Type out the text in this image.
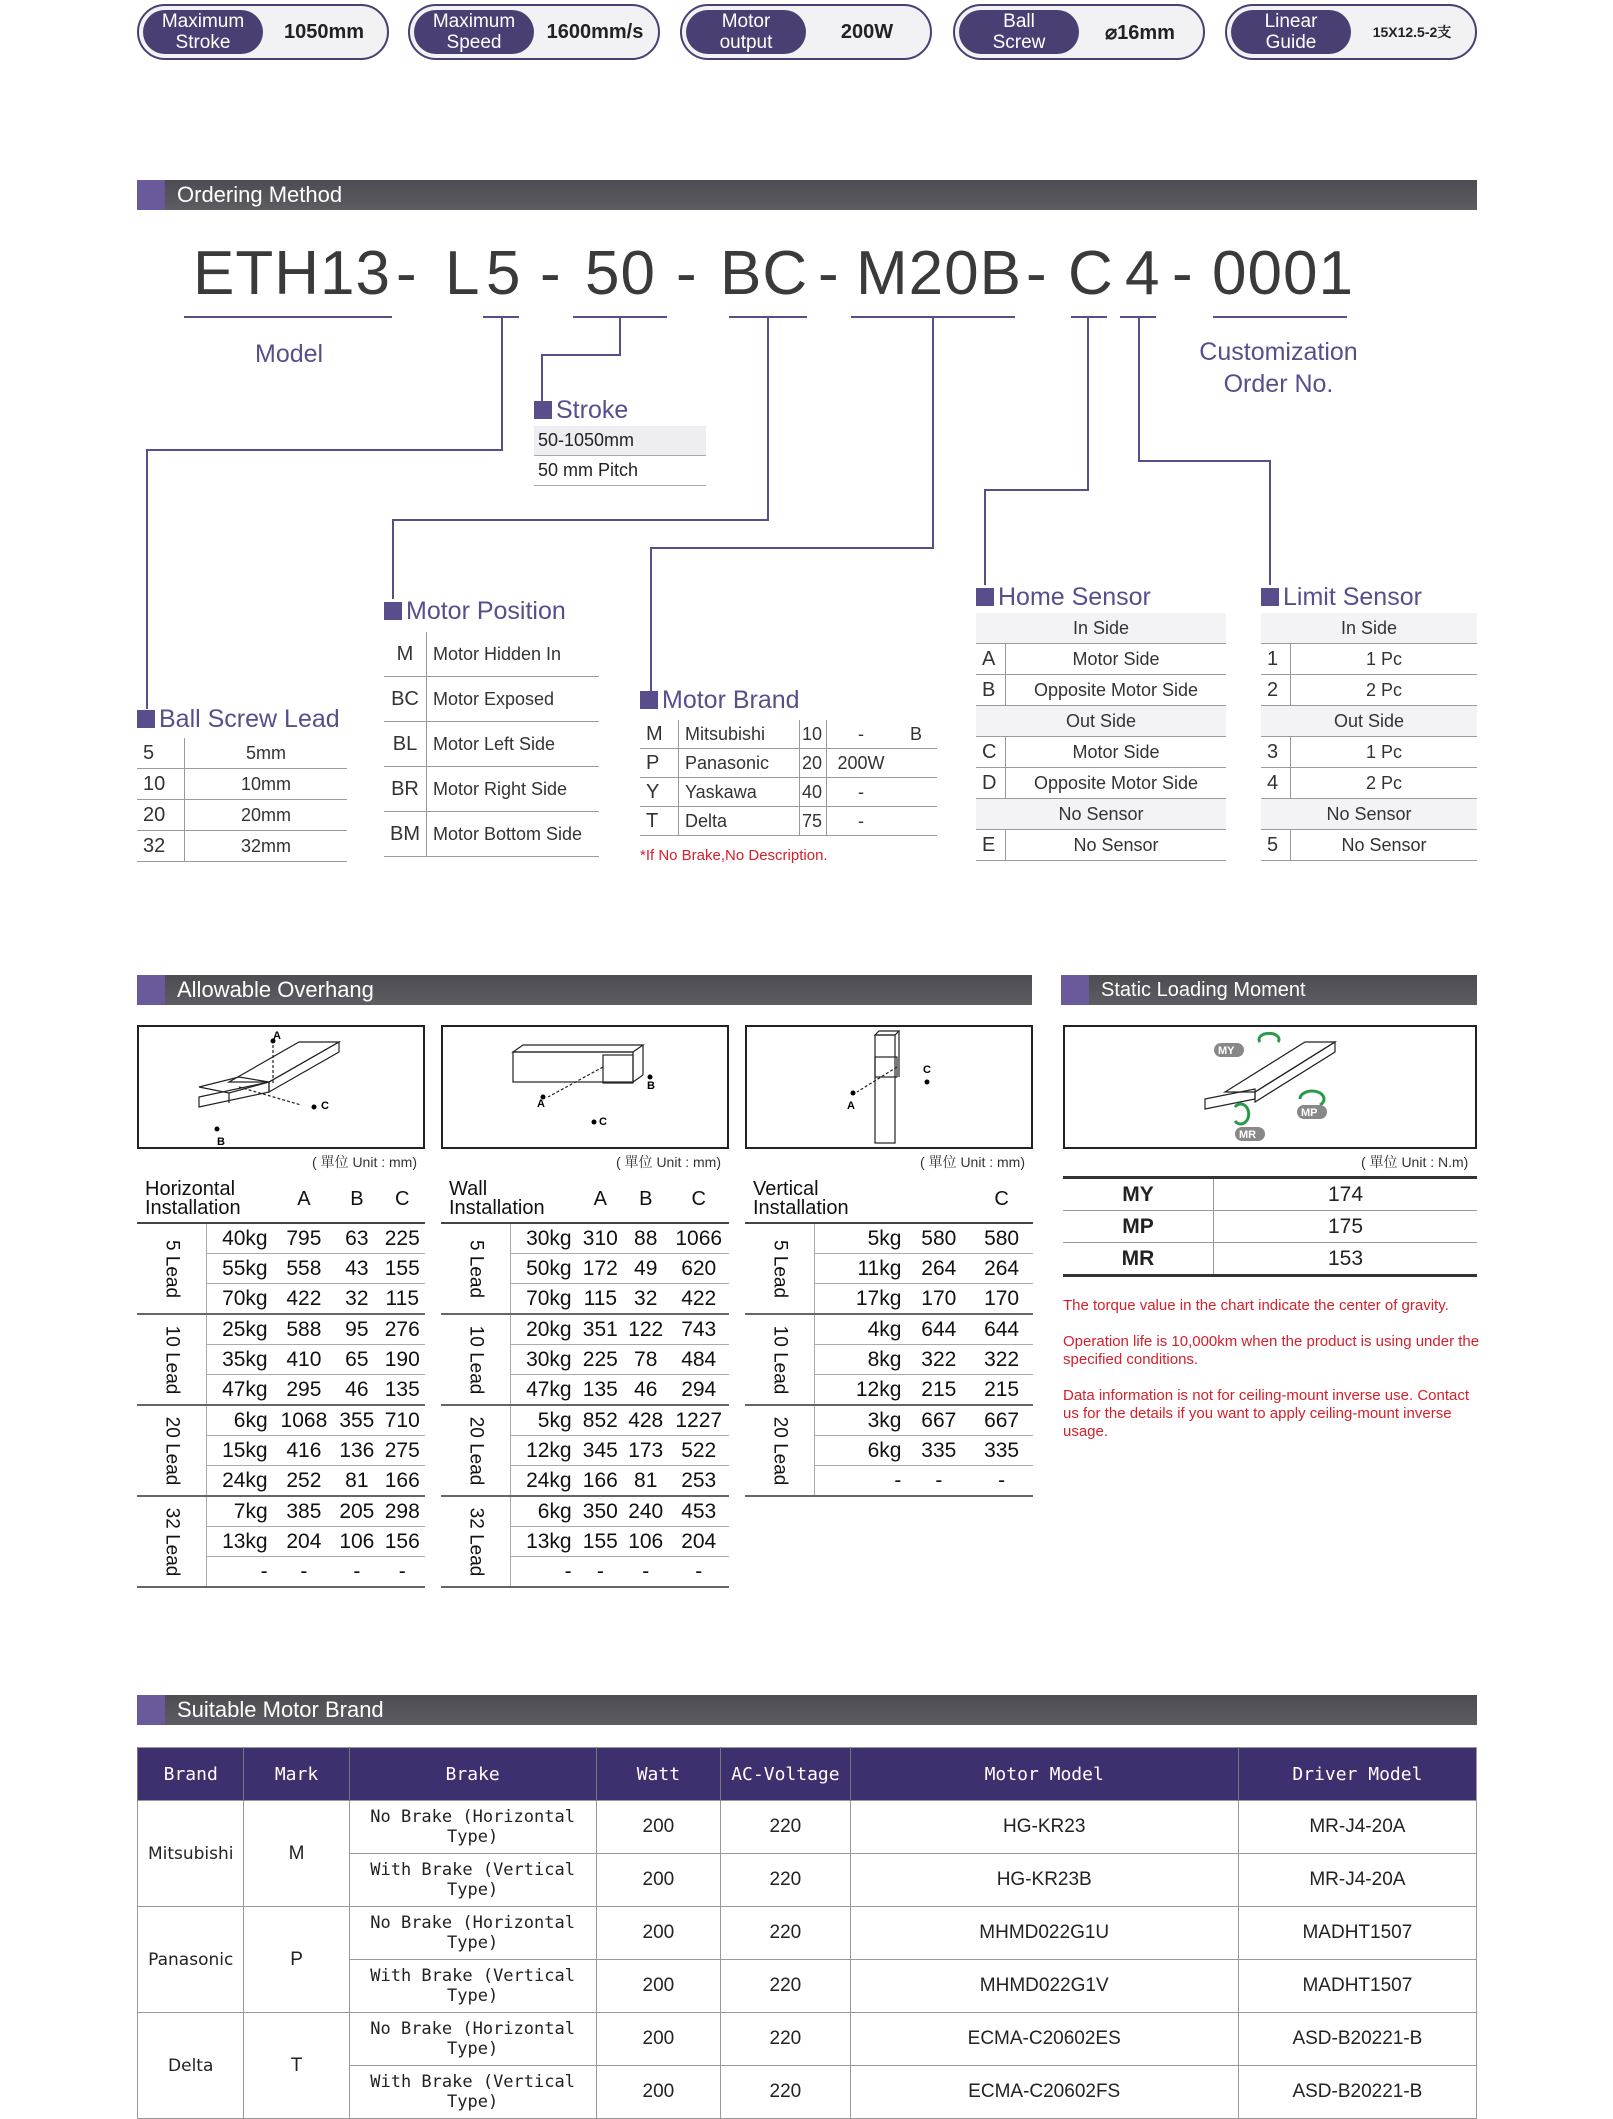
Maximum
Stroke	1050mm	Maximum
Speed	1600mm/s	Motor
output	200W	Ball
Screw	⌀16mm	Linear
Guide	15X12.5-2支
Ordering Method
ETH13 - L 5 - 50 - BC - M20B - C 4 - 0001
Model	Customization
Order No.
Stroke
50-1050mm
50 mm Pitch
Ball Screw Lead
5	5mm
10	10mm
20	20mm
32	32mm
Motor Position
M	Motor Hidden In
BC	Motor Exposed
BL	Motor Left Side
BR	Motor Right Side
BM	Motor Bottom Side
Motor Brand
M	Mitsubishi	10	-	B
P	Panasonic	20	200W	
Y	Yaskawa	40	-	
T	Delta	75	-	
*If No Brake,No Description.
Home Sensor
In Side	
A	Motor Side
B	Opposite Motor Side
Out Side	
C	Motor Side
D	Opposite Motor Side
No Sensor	
E	No Sensor
Limit Sensor
In Side	
1	1 Pc
2	2 Pc
Out Side	
3	1 Pc
4	2 Pc
No Sensor	
5	No Sensor
Allowable Overhang	Static Loading Moment
A
B
C
B
A
C
A
C
MY
MP
MR
( 單位 Unit : mm)	( 單位 Unit : mm)	( 單位 Unit : mm)	( 單位 Unit : N.m)
Horizontal
Installation		A	B	C

5 Lead	40kg	795	63	225
	55kg	558	43	155
	70kg	422	32	115

10 Lead	25kg	588	95	276
	35kg	410	65	190
	47kg	295	46	135

20 Lead	6kg	1068	355	710
	15kg	416	136	275
	24kg	252	81	166

32 Lead	7kg	385	205	298
	13kg	204	106	156
	-	-	-	-
Wall
Installation		A	B	C

5 Lead	30kg	310	88	1066
	50kg	172	49	620
	70kg	115	32	422

10 Lead	20kg	351	122	743
	30kg	225	78	484
	47kg	135	46	294

20 Lead	5kg	852	428	1227
	12kg	345	173	522
	24kg	166	81	253

32 Lead	6kg	350	240	453
	13kg	155	106	204
	-	-	-	-
Vertical
Installation			C

5 Lead	5kg	580	580
	11kg	264	264
	17kg	170	170

10 Lead	4kg	644	644
	8kg	322	322
	12kg	215	215

20 Lead	3kg	667	667
	6kg	335	335
	-	-	-
MY	174
MP	175
MR	153
The torque value in the chart indicate the center of gravity.
Operation life is 10,000km when the product is using under the specified conditions.
Data information is not for ceiling-mount inverse use. Contact us for the details if you want to apply ceiling-mount inverse usage.
Suitable Motor Brand
Brand	Mark	Brake	Watt	AC-Voltage	Motor Model	Driver Model
Mitsubishi	M	No Brake (Horizontal Type)	200	220	HG-KR23	MR-J4-20A
		With Brake (Vertical Type)	200	220	HG-KR23B	MR-J4-20A
Panasonic	P	No Brake (Horizontal Type)	200	220	MHMD022G1U	MADHT1507
		With Brake (Vertical Type)	200	220	MHMD022G1V	MADHT1507
Delta	T	No Brake (Horizontal Type)	200	220	ECMA-C20602ES	ASD-B20221-B
		With Brake (Vertical Type)	200	220	ECMA-C20602FS	ASD-B20221-B
